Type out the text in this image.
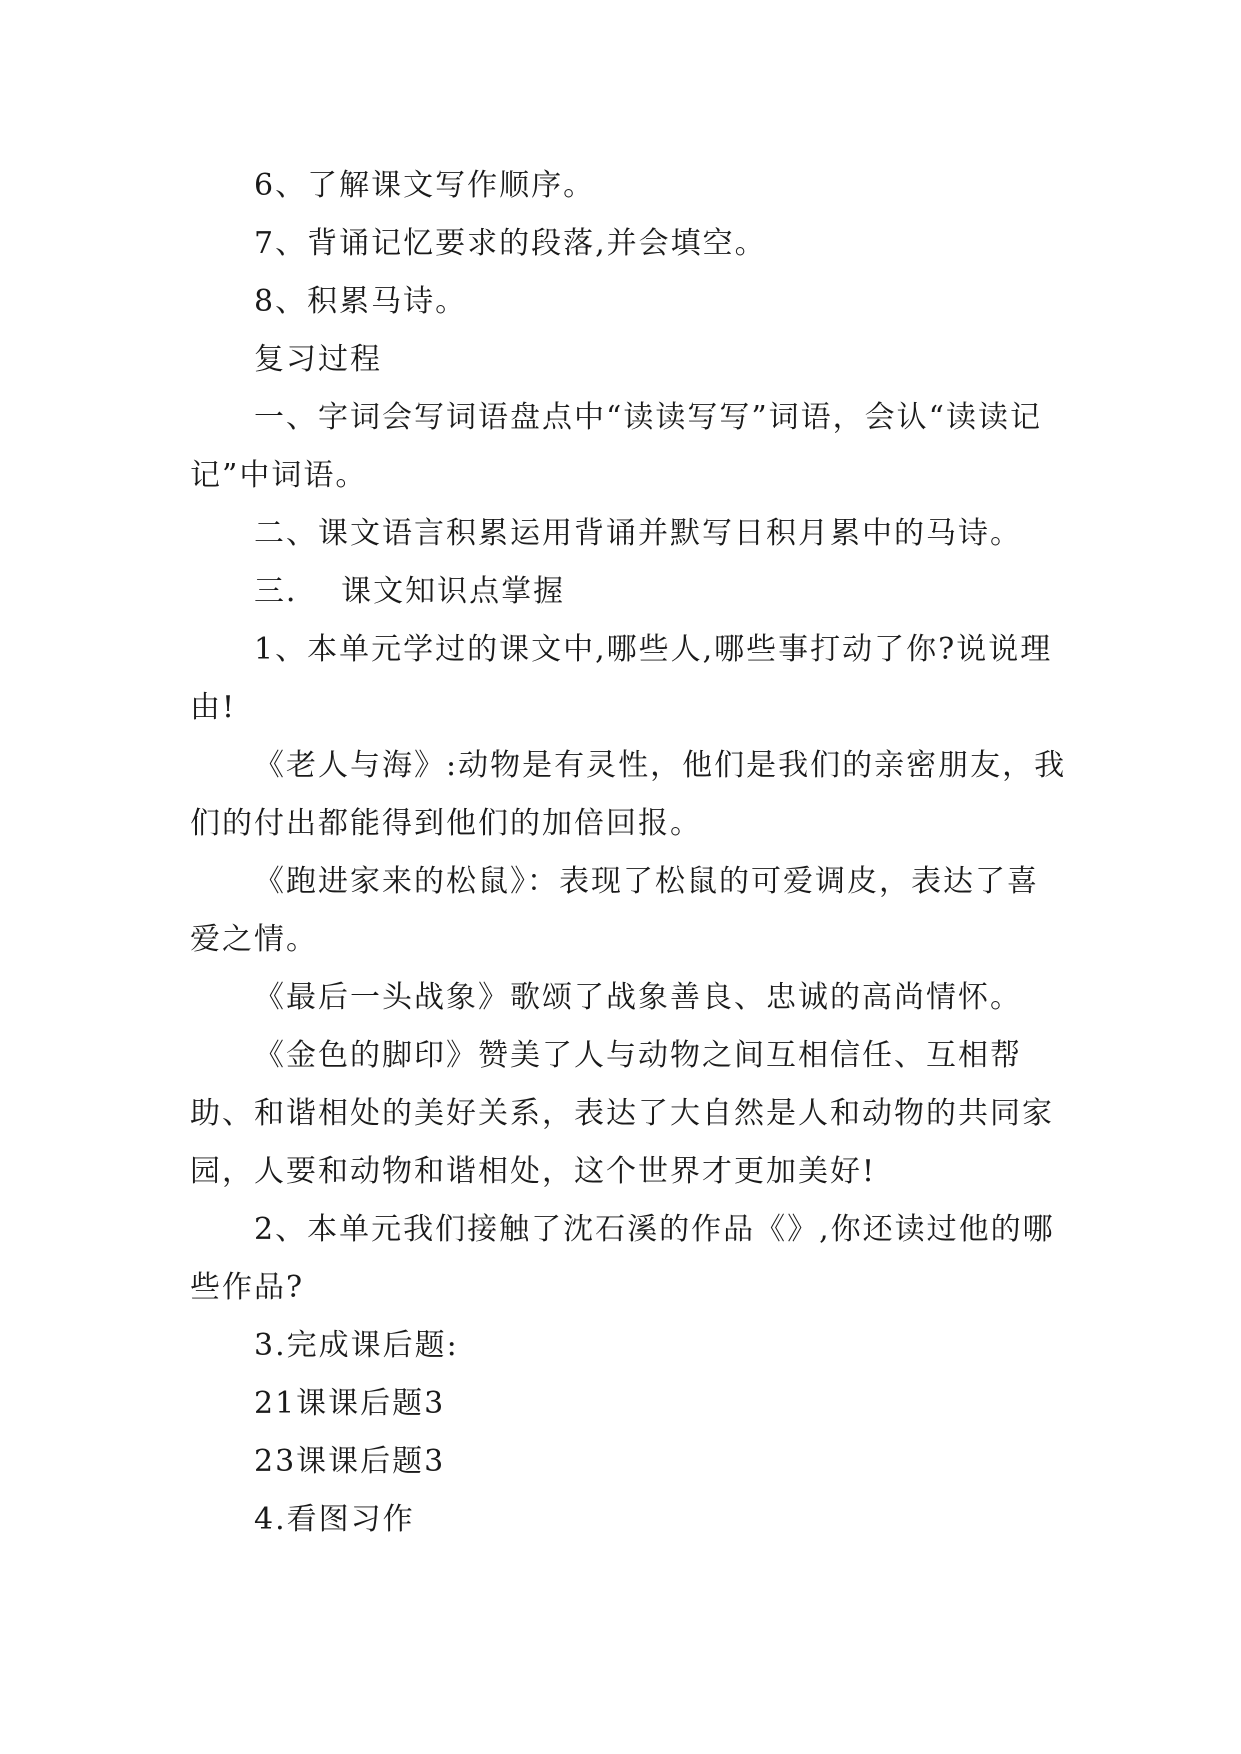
6、了解课文写作顺序。

7、背诵记忆要求的段落,并会填空。

8、积累马诗。

复习过程

一、字词会写词语盘点中“读读写写”词语，会认“读读记记”中词语。

二、课文语言积累运用背诵并默写日积月累中的马诗。

三．  课文知识点掌握

1、本单元学过的课文中,哪些人,哪些事打动了你?说说理由!

《老人与海》:动物是有灵性，他们是我们的亲密朋友，我们的付出都能得到他们的加倍回报。

《跑进家来的松鼠》：表现了松鼠的可爱调皮，表达了喜爱之情。

《最后一头战象》歌颂了战象善良、忠诚的高尚情怀。

《金色的脚印》赞美了人与动物之间互相信任、互相帮助、和谐相处的美好关系，表达了大自然是人和动物的共同家园，人要和动物和谐相处，这个世界才更加美好!

2、本单元我们接触了沈石溪的作品《》,你还读过他的哪些作品?

3.完成课后题:

21课课后题3

23课课后题3

4.看图习作
